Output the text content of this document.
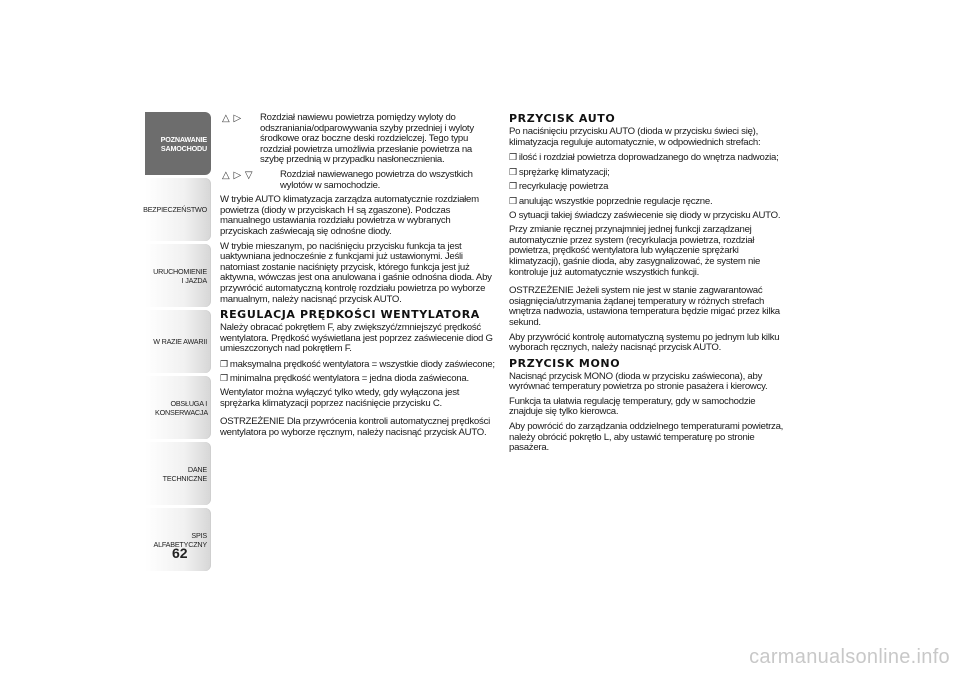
POZNAWANIE SAMOCHODU
BEZPIECZEŃSTWO
URUCHOMIENIE I JAZDA
W RAZIE AWARII
OBSŁUGA I KONSERWACJA
DANE TECHNICZNE
SPIS ALFABETYCZNY
62
△ ▷ Rozdział nawiewu powietrza pomiędzy wyloty do odszraniania/odparowywania szyby przedniej i wyloty środkowe oraz boczne deski rozdzielczej. Tego typu rozdział powietrza umożliwia przesłanie powietrza na szybę przednią w przypadku nasłonecznienia.
△ ▷ ▽	Rozdział nawiewanego powietrza do wszystkich wylotów w samochodzie.

W trybie AUTO klimatyzacja zarządza automatycznie rozdziałem powietrza (diody w przyciskach H są zgaszone). Podczas manualnego ustawiania rozdziału powietrza w wybranych przyciskach zaświecają się odnośne diody.

W trybie mieszanym, po naciśnięciu przycisku funkcja ta jest uaktywniana jednocześnie z funkcjami już ustawionymi. Jeśli natomiast zostanie naciśnięty przycisk, którego funkcja jest już aktywna, wówczas jest ona anulowana i gaśnie odnośna dioda. Aby przywrócić automatyczną kontrolę rozdziału powietrza po wyborze manualnym, należy nacisnąć przycisk AUTO.

REGULACJA PRĘDKOŚCI WENTYLATORA

Należy obracać pokrętłem F, aby zwiększyć/zmniejszyć prędkość wentylatora. Prędkość wyświetlana jest poprzez zaświecenie diod G umieszczonych nad pokrętłem F.

❒ maksymalna prędkość wentylatora = wszystkie diody zaświecone;

❒ minimalna prędkość wentylatora = jedna dioda zaświecona.

Wentylator można wyłączyć tylko wtedy, gdy wyłączona jest sprężarka klimatyzacji poprzez naciśnięcie przycisku C.

OSTRZEŻENIE Dla przywrócenia kontroli automatycznej prędkości wentylatora po wyborze ręcznym, należy nacisnąć przycisk AUTO.

PRZYCISK AUTO

Po naciśnięciu przycisku AUTO (dioda w przycisku świeci się), klimatyzacja reguluje automatycznie, w odpowiednich strefach:

❒ ilość i rozdział powietrza doprowadzanego do wnętrza nadwozia;

❒ sprężarkę klimatyzacji;

❒ recyrkulację powietrza

❒ anulując wszystkie poprzednie regulacje ręczne.

O sytuacji takiej świadczy zaświecenie się diody w przycisku AUTO.

Przy zmianie ręcznej przynajmniej jednej funkcji zarządzanej automatycznie przez system (recyrkulacja powietrza, rozdział powietrza, prędkość wentylatora lub wyłączenie sprężarki klimatyzacji), gaśnie dioda, aby zasygnalizować, że system nie kontroluje już automatycznie wszystkich funkcji.

OSTRZEŻENIE Jeżeli system nie jest w stanie zagwarantować osiągnięcia/utrzymania żądanej temperatury w różnych strefach wnętrza nadwozia, ustawiona temperatura będzie migać przez kilka sekund.

Aby przywrócić kontrolę automatyczną systemu po jednym lub kilku wyborach ręcznych, należy nacisnąć przycisk AUTO.

PRZYCISK MONO

Nacisnąć przycisk MONO (dioda w przycisku zaświecona), aby wyrównać temperatury powietrza po stronie pasażera i kierowcy.

Funkcja ta ułatwia regulację temperatury, gdy w samochodzie znajduje się tylko kierowca.

Aby powrócić do zarządzania oddzielnego temperaturami powietrza, należy obrócić pokrętło L, aby ustawić temperaturę po stronie pasażera.

carmanualsonline.info
